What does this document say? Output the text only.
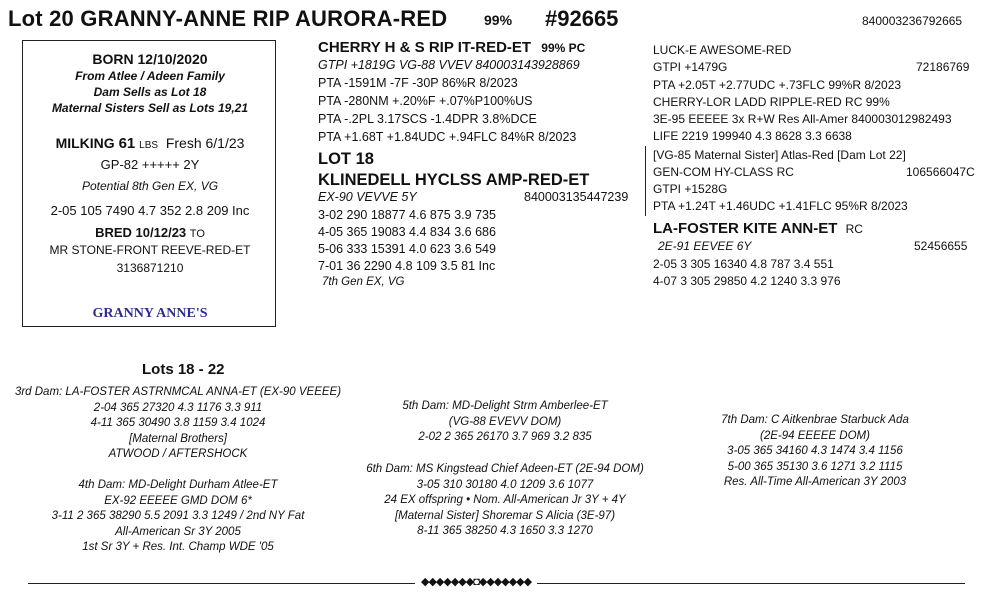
Lot 20 GRANNY-ANNE RIP AURORA-RED	99% #92665	840003236792665
BORN 12/10/2020
From Atlee / Adeen Family
Dam Sells as Lot 18
Maternal Sisters Sell as Lots 19,21
MILKING 61 LBS Fresh 6/1/23
GP-82 +++++ 2Y
Potential 8th Gen EX, VG
2-05 105 7490 4.7 352 2.8 209 Inc
BRED 10/12/23 TO
MR STONE-FRONT REEVE-RED-ET
3136871210
GRANNY ANNE'S
CHERRY H & S RIP IT-RED-ET 99% PC
GTPI +1819G VG-88 VVEV 840003143928869
PTA -1591M -7F -30P 86%R 8/2023
PTA -280NM +.20%F +.07%P100%US
PTA -.2PL 3.17SCS -1.4DPR 3.8%DCE
PTA +1.68T +1.84UDC +.94FLC 84%R 8/2023
LOT 18
KLINEDELL HYCLSS AMP-RED-ET
EX-90 VEVVE 5Y	840003135447239
3-02 290 18877 4.6 875 3.9 735
4-05 365 19083 4.4 834 3.6 686
5-06 333 15391 4.0 623 3.6 549
7-01 36 2290 4.8 109 3.5 81 Inc
7th Gen EX, VG
LUCK-E AWESOME-RED
GTPI +1479G	72186769
PTA +2.05T +2.77UDC +.73FLC 99%R 8/2023
CHERRY-LOR LADD RIPPLE-RED RC 99%
3E-95 EEEEE 3x R+W Res All-Amer 840003012982493
LIFE 2219 199940 4.3 8628 3.3 6638
[VG-85 Maternal Sister] Atlas-Red [Dam Lot 22]
GEN-COM HY-CLASS RC	106566047C
GTPI +1528G
PTA +1.24T +1.46UDC +1.41FLC 95%R 8/2023
LA-FOSTER KITE ANN-ET RC
2E-91 EEVEE 6Y	52456655
2-05 3 305 16340 4.8 787 3.4 551
4-07 3 305 29850 4.2 1240 3.3 976
Lots 18 - 22
3rd Dam: LA-FOSTER ASTRNMCAL ANNA-ET (EX-90 VEEEE)
2-04 365 27320 4.3 1176 3.3 911
4-11 365 30490 3.8 1159 3.4 1024
[Maternal Brothers]
ATWOOD / AFTERSHOCK
4th Dam: MD-Delight Durham Atlee-ET
EX-92 EEEEE GMD DOM 6*
3-11 2 365 38290 5.5 2091 3.3 1249 / 2nd NY Fat
All-American Sr 3Y 2005
1st Sr 3Y + Res. Int. Champ WDE '05
5th Dam: MD-Delight Strm Amberlee-ET
(VG-88 EVEVV DOM)
2-02 2 365 26170 3.7 969 3.2 835
6th Dam: MS Kingstead Chief Adeen-ET (2E-94 DOM)
3-05 310 30180 4.0 1209 3.6 1077
24 EX offspring • Nom. All-American Jr 3Y + 4Y
[Maternal Sister] Shoremar S Alicia (3E-97)
8-11 365 38250 4.3 1650 3.3 1270
7th Dam: C Aitkenbrae Starbuck Ada
(2E-94 EEEEE DOM)
3-05 365 34160 4.3 1474 3.4 1156
5-00 365 35130 3.6 1271 3.2 1115
Res. All-Time All-American 3Y 2003
◆◆◆◆◆◆◆◘◆◆◆◆◆◆◆
